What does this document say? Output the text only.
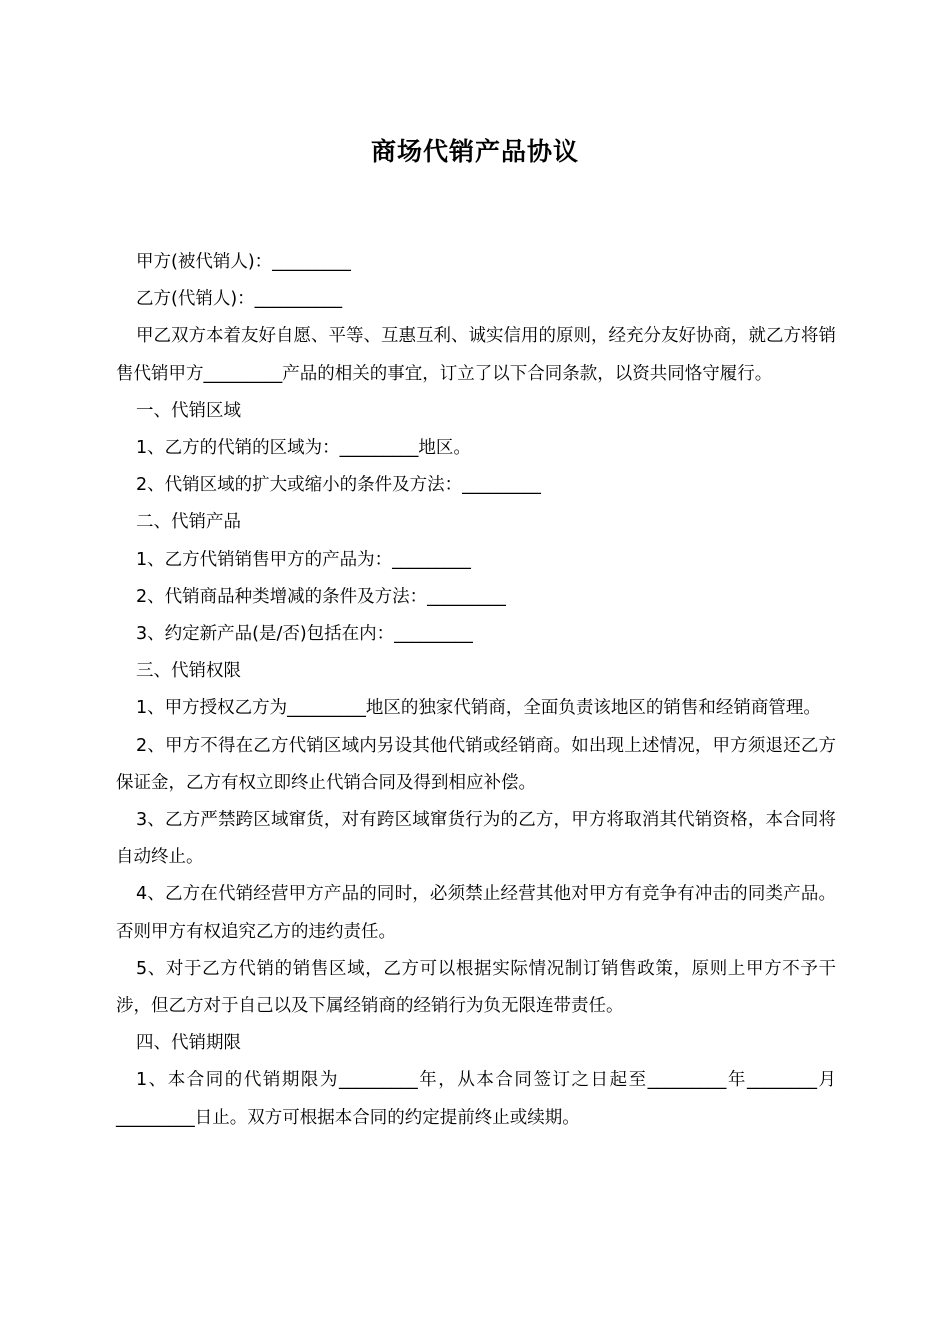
商场代销产品协议

甲方(被代销人)：_________

乙方(代销人)：__________

甲乙双方本着友好自愿、平等、互惠互利、诚实信用的原则，经充分友好协商，就乙方将销售代销甲方_________产品的相关的事宜，订立了以下合同条款，以资共同恪守履行。

一、代销区域

1、乙方的代销的区域为：_________地区。

2、代销区域的扩大或缩小的条件及方法：_________

二、代销产品

1、乙方代销销售甲方的产品为：_________

2、代销商品种类增减的条件及方法：_________

3、约定新产品(是/否)包括在内：_________

三、代销权限

1、甲方授权乙方为_________地区的独家代销商，全面负责该地区的销售和经销商管理。

2、甲方不得在乙方代销区域内另设其他代销或经销商。如出现上述情况，甲方须退还乙方保证金，乙方有权立即终止代销合同及得到相应补偿。

3、乙方严禁跨区域窜货，对有跨区域窜货行为的乙方，甲方将取消其代销资格，本合同将自动终止。

4、乙方在代销经营甲方产品的同时，必须禁止经营其他对甲方有竞争有冲击的同类产品。否则甲方有权追究乙方的违约责任。

5、对于乙方代销的销售区域，乙方可以根据实际情况制订销售政策，原则上甲方不予干涉，但乙方对于自己以及下属经销商的经销行为负无限连带责任。

四、代销期限

1、本合同的代销期限为_________年，从本合同签订之日起至_________年________月_________日止。双方可根据本合同的约定提前终止或续期。
